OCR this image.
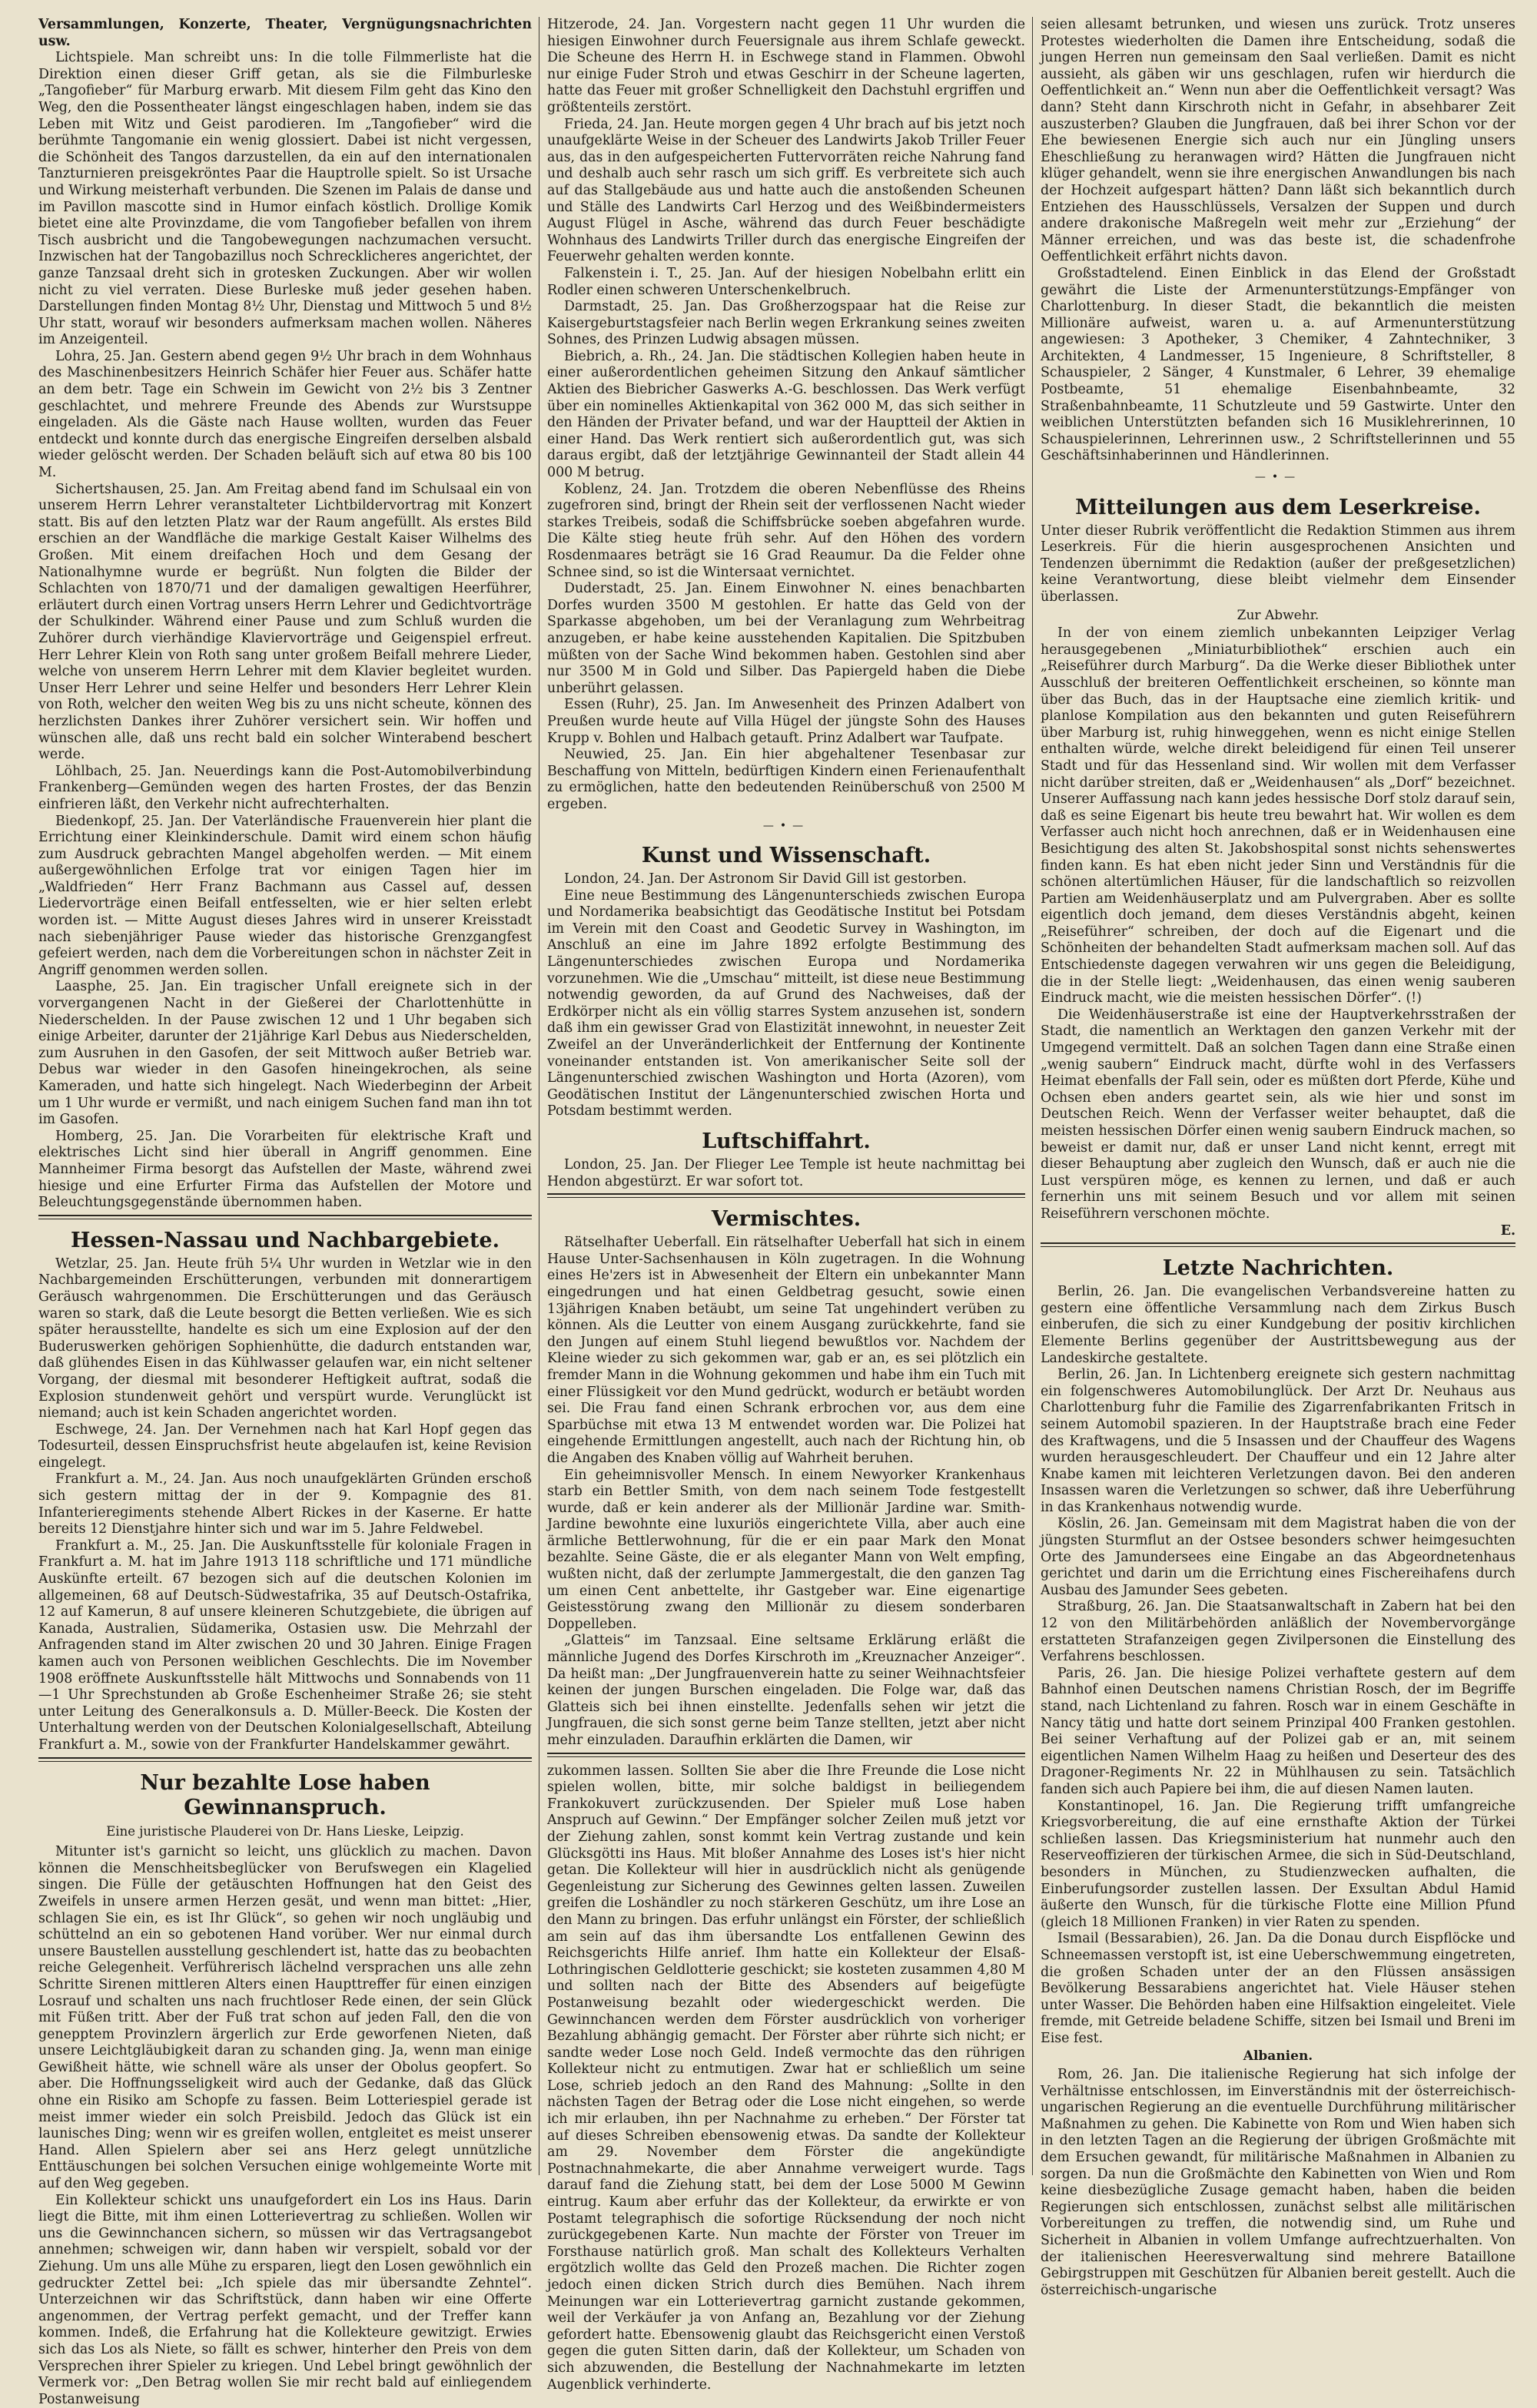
Versammlungen, Konzerte, Theater, Vergnügungsnachrichten usw.

Lichtspiele. Man schreibt uns: In die tolle Filmmerliste hat die Direktion einen dieser Griff getan, als sie die Filmburleske „Tangofieber“ für Marburg erwarb. Mit diesem Film geht das Kino den Weg, den die Possentheater längst eingeschlagen haben, indem sie das Leben mit Witz und Geist parodieren. Im „Tangofieber“ wird die berühmte Tangomanie ein wenig glossiert. Dabei ist nicht vergessen, die Schönheit des Tangos darzustellen, da ein auf den internationalen Tanzturnieren preisgekröntes Paar die Hauptrolle spielt. So ist Ursache und Wirkung meisterhaft verbunden. Die Szenen im Palais de danse und im Pavillon mascotte sind in Humor einfach köstlich. Drollige Komik bietet eine alte Provinzdame, die vom Tangofieber befallen von ihrem Tisch ausbricht und die Tangobewegungen nachzumachen versucht. Inzwischen hat der Tangobazillus noch Schrecklicheres angerichtet, der ganze Tanzsaal dreht sich in grotesken Zuckungen. Aber wir wollen nicht zu viel verraten. Diese Burleske muß jeder gesehen haben. Darstellungen finden Montag 8½ Uhr, Dienstag und Mittwoch 5 und 8½ Uhr statt, worauf wir besonders aufmerksam machen wollen. Näheres im Anzeigenteil.

Lohra, 25. Jan. Gestern abend gegen 9½ Uhr brach in dem Wohnhaus des Maschinenbesitzers Heinrich Schäfer hier Feuer aus. Schäfer hatte an dem betr. Tage ein Schwein im Gewicht von 2½ bis 3 Zentner geschlachtet, und mehrere Freunde des Abends zur Wurstsuppe eingeladen. Als die Gäste nach Hause wollten, wurden das Feuer entdeckt und konnte durch das energische Eingreifen derselben alsbald wieder gelöscht werden. Der Schaden beläuft sich auf etwa 80 bis 100 M.

Sichertshausen, 25. Jan. Am Freitag abend fand im Schulsaal ein von unserem Herrn Lehrer veranstalteter Lichtbildervortrag mit Konzert statt. Bis auf den letzten Platz war der Raum angefüllt. Als erstes Bild erschien an der Wandfläche die markige Gestalt Kaiser Wilhelms des Großen. Mit einem dreifachen Hoch und dem Gesang der Nationalhymne wurde er begrüßt. Nun folgten die Bilder der Schlachten von 1870/71 und der damaligen gewaltigen Heerführer, erläutert durch einen Vortrag unsers Herrn Lehrer und Gedichtvorträge der Schulkinder. Während einer Pause und zum Schluß wurden die Zuhörer durch vierhändige Klaviervorträge und Geigenspiel erfreut. Herr Lehrer Klein von Roth sang unter großem Beifall mehrere Lieder, welche von unserem Herrn Lehrer mit dem Klavier begleitet wurden. Unser Herr Lehrer und seine Helfer und besonders Herr Lehrer Klein von Roth, welcher den weiten Weg bis zu uns nicht scheute, können des herzlichsten Dankes ihrer Zuhörer versichert sein. Wir hoffen und wünschen alle, daß uns recht bald ein solcher Winterabend beschert werde.

Löhlbach, 25. Jan. Neuerdings kann die Post-Automobilverbindung Frankenberg—Gemünden wegen des harten Frostes, der das Benzin einfrieren läßt, den Verkehr nicht aufrechterhalten.

Biedenkopf, 25. Jan. Der Vaterländische Frauenverein hier plant die Errichtung einer Kleinkinderschule. Damit wird einem schon häufig zum Ausdruck gebrachten Mangel abgeholfen werden. — Mit einem außergewöhnlichen Erfolge trat vor einigen Tagen hier im „Waldfrieden“ Herr Franz Bachmann aus Cassel auf, dessen Liedervorträge einen Beifall entfesselten, wie er hier selten erlebt worden ist. — Mitte August dieses Jahres wird in unserer Kreisstadt nach siebenjähriger Pause wieder das historische Grenzgangfest gefeiert werden, nach dem die Vorbereitungen schon in nächster Zeit in Angriff genommen werden sollen.

Laasphe, 25. Jan. Ein tragischer Unfall ereignete sich in der vorvergangenen Nacht in der Gießerei der Charlottenhütte in Niederschelden. In der Pause zwischen 12 und 1 Uhr begaben sich einige Arbeiter, darunter der 21jährige Karl Debus aus Niederschelden, zum Ausruhen in den Gasofen, der seit Mittwoch außer Betrieb war. Debus war wieder in den Gasofen hineingekrochen, als seine Kameraden, und hatte sich hingelegt. Nach Wiederbeginn der Arbeit um 1 Uhr wurde er vermißt, und nach einigem Suchen fand man ihn tot im Gasofen.

Homberg, 25. Jan. Die Vorarbeiten für elektrische Kraft und elektrisches Licht sind hier überall in Angriff genommen. Eine Mannheimer Firma besorgt das Aufstellen der Maste, während zwei hiesige und eine Erfurter Firma das Aufstellen der Motore und Beleuchtungsgegenstände übernommen haben.

Hessen-Nassau und Nachbargebiete.

Wetzlar, 25. Jan. Heute früh 5¼ Uhr wurden in Wetzlar wie in den Nachbargemeinden Erschütterungen, verbunden mit donnerartigem Geräusch wahrgenommen. Die Erschütterungen und das Geräusch waren so stark, daß die Leute besorgt die Betten verließen. Wie es sich später herausstellte, handelte es sich um eine Explosion auf der den Buderuswerken gehörigen Sophienhütte, die dadurch entstanden war, daß glühendes Eisen in das Kühlwasser gelaufen war, ein nicht seltener Vorgang, der diesmal mit besonderer Heftigkeit auftrat, sodaß die Explosion stundenweit gehört und verspürt wurde. Verunglückt ist niemand; auch ist kein Schaden angerichtet worden.

Eschwege, 24. Jan. Der Vernehmen nach hat Karl Hopf gegen das Todesurteil, dessen Einspruchsfrist heute abgelaufen ist, keine Revision eingelegt.

Frankfurt a. M., 24. Jan. Aus noch unaufgeklärten Gründen erschoß sich gestern mittag der in der 9. Kompagnie des 81. Infanterieregiments stehende Albert Rickes in der Kaserne. Er hatte bereits 12 Dienstjahre hinter sich und war im 5. Jahre Feldwebel.

Frankfurt a. M., 25. Jan. Die Auskunftsstelle für koloniale Fragen in Frankfurt a. M. hat im Jahre 1913 118 schriftliche und 171 mündliche Auskünfte erteilt. 67 bezogen sich auf die deutschen Kolonien im allgemeinen, 68 auf Deutsch-Südwestafrika, 35 auf Deutsch-Ostafrika, 12 auf Kamerun, 8 auf unsere kleineren Schutzgebiete, die übrigen auf Kanada, Australien, Südamerika, Ostasien usw. Die Mehrzahl der Anfragenden stand im Alter zwischen 20 und 30 Jahren. Einige Fragen kamen auch von Personen weiblichen Geschlechts. Die im November 1908 eröffnete Auskunftsstelle hält Mittwochs und Sonnabends von 11—1 Uhr Sprechstunden ab Große Eschenheimer Straße 26; sie steht unter Leitung des Generalkonsuls a. D. Müller-Beeck. Die Kosten der Unterhaltung werden von der Deutschen Kolonialgesellschaft, Abteilung Frankfurt a. M., sowie von der Frankfurter Handelskammer gewährt.

Nur bezahlte Lose haben Gewinnanspruch.
Eine juristische Plauderei von Dr. Hans Lieske, Leipzig.

Mitunter ist's garnicht so leicht, uns glücklich zu machen. Davon können die Menschheitsbeglücker von Berufswegen ein Klagelied singen. Die Fülle der getäuschten Hoffnungen hat den Geist des Zweifels in unsere armen Herzen gesät, und wenn man bittet: „Hier, schlagen Sie ein, es ist Ihr Glück“, so gehen wir noch ungläubig und schüttelnd an ein so gebotenen Hand vorüber. Wer nur einmal durch unsere Baustellen ausstellung geschlendert ist, hatte das zu beobachten reiche Gelegenheit. Verführerisch lächelnd versprachen uns alle zehn Schritte Sirenen mittleren Alters einen Haupttreffer für einen einzigen Losrauf und schalten uns nach fruchtloser Rede einen, der sein Glück mit Füßen tritt. Aber der Fuß trat schon auf jeden Fall, den die von genepptem Provinzlern ärgerlich zur Erde geworfenen Nieten, daß unsere Leichtgläubigkeit daran zu schanden ging. Ja, wenn man einige Gewißheit hätte, wie schnell wäre als unser der Obolus geopfert. So aber. Die Hoffnungsseligkeit wird auch der Gedanke, daß das Glück ohne ein Risiko am Schopfe zu fassen. Beim Lotteriespiel gerade ist meist immer wieder ein solch Preisbild. Jedoch das Glück ist ein launisches Ding; wenn wir es greifen wollen, entgleitet es meist unserer Hand. Allen Spielern aber sei ans Herz gelegt unnützliche Enttäuschungen bei solchen Versuchen einige wohlgemeinte Worte mit auf den Weg gegeben.

Ein Kollekteur schickt uns unaufgefordert ein Los ins Haus. Darin liegt die Bitte, mit ihm einen Lotterievertrag zu schließen. Wollen wir uns die Gewinnchancen sichern, so müssen wir das Vertragsangebot annehmen; schweigen wir, dann haben wir verspielt, sobald vor der Ziehung. Um uns alle Mühe zu ersparen, liegt den Losen gewöhnlich ein gedruckter Zettel bei: „Ich spiele das mir übersandte Zehntel“. Unterzeichnen wir das Schriftstück, dann haben wir eine Offerte angenommen, der Vertrag perfekt gemacht, und der Treffer kann kommen. Indeß, die Erfahrung hat die Kollekteure gewitzigt. Erwies sich das Los als Niete, so fällt es schwer, hinterher den Preis von dem Versprechen ihrer Spieler zu kriegen. Und Lebel bringt gewöhnlich der Vermerk vor: „Den Betrag wollen Sie mir recht bald auf einliegendem Postanweisung

Hitzerode, 24. Jan. Vorgestern nacht gegen 11 Uhr wurden die hiesigen Einwohner durch Feuersignale aus ihrem Schlafe geweckt. Die Scheune des Herrn H. in Eschwege stand in Flammen. Obwohl nur einige Fuder Stroh und etwas Geschirr in der Scheune lagerten, hatte das Feuer mit großer Schnelligkeit den Dachstuhl ergriffen und größtenteils zerstört.

Frieda, 24. Jan. Heute morgen gegen 4 Uhr brach auf bis jetzt noch unaufgeklärte Weise in der Scheuer des Landwirts Jakob Triller Feuer aus, das in den aufgespeicherten Futtervorräten reiche Nahrung fand und deshalb auch sehr rasch um sich griff. Es verbreitete sich auch auf das Stallgebäude aus und hatte auch die anstoßenden Scheunen und Ställe des Landwirts Carl Herzog und des Weißbindermeisters August Flügel in Asche, während das durch Feuer beschädigte Wohnhaus des Landwirts Triller durch das energische Eingreifen der Feuerwehr gehalten werden konnte.

Falkenstein i. T., 25. Jan. Auf der hiesigen Nobelbahn erlitt ein Rodler einen schweren Unterschenkelbruch.

Darmstadt, 25. Jan. Das Großherzogspaar hat die Reise zur Kaisergeburtstagsfeier nach Berlin wegen Erkrankung seines zweiten Sohnes, des Prinzen Ludwig absagen müssen.

Biebrich, a. Rh., 24. Jan. Die städtischen Kollegien haben heute in einer außerordentlichen geheimen Sitzung den Ankauf sämtlicher Aktien des Biebricher Gaswerks A.-G. beschlossen. Das Werk verfügt über ein nominelles Aktienkapital von 362 000 M, das sich seither in den Händen der Privater befand, und war der Hauptteil der Aktien in einer Hand. Das Werk rentiert sich außerordentlich gut, was sich daraus ergibt, daß der letztjährige Gewinnanteil der Stadt allein 44 000 M betrug.

Koblenz, 24. Jan. Trotzdem die oberen Nebenflüsse des Rheins zugefroren sind, bringt der Rhein seit der verflossenen Nacht wieder starkes Treibeis, sodaß die Schiffsbrücke soeben abgefahren wurde. Die Kälte stieg heute früh sehr. Auf den Höhen des vordern Rosdenmaares beträgt sie 16 Grad Reaumur. Da die Felder ohne Schnee sind, so ist die Wintersaat vernichtet.

Duderstadt, 25. Jan. Einem Einwohner N. eines benachbarten Dorfes wurden 3500 M gestohlen. Er hatte das Geld von der Sparkasse abgehoben, um bei der Veranlagung zum Wehrbeitrag anzugeben, er habe keine ausstehenden Kapitalien. Die Spitzbuben müßten von der Sache Wind bekommen haben. Gestohlen sind aber nur 3500 M in Gold und Silber. Das Papiergeld haben die Diebe unberührt gelassen.

Essen (Ruhr), 25. Jan. Im Anwesenheit des Prinzen Adalbert von Preußen wurde heute auf Villa Hügel der jüngste Sohn des Hauses Krupp v. Bohlen und Halbach getauft. Prinz Adalbert war Taufpate.

Neuwied, 25. Jan. Ein hier abgehaltener Tesenbasar zur Beschaffung von Mitteln, bedürftigen Kindern einen Ferienaufenthalt zu ermöglichen, hatte den bedeutenden Reinüberschuß von 2500 M ergeben.

—•—
Kunst und Wissenschaft.

London, 24. Jan. Der Astronom Sir David Gill ist gestorben.

Eine neue Bestimmung des Längenunterschieds zwischen Europa und Nordamerika beabsichtigt das Geodätische Institut bei Potsdam im Verein mit den Coast and Geodetic Survey in Washington, im Anschluß an eine im Jahre 1892 erfolgte Bestimmung des Längenunterschiedes zwischen Europa und Nordamerika vorzunehmen. Wie die „Umschau“ mitteilt, ist diese neue Bestimmung notwendig geworden, da auf Grund des Nachweises, daß der Erdkörper nicht als ein völlig starres System anzusehen ist, sondern daß ihm ein gewisser Grad von Elastizität innewohnt, in neuester Zeit Zweifel an der Unveränderlichkeit der Entfernung der Kontinente voneinander entstanden ist. Von amerikanischer Seite soll der Längenunterschied zwischen Washington und Horta (Azoren), vom Geodätischen Institut der Längenunterschied zwischen Horta und Potsdam bestimmt werden.

Luftschiffahrt.

London, 25. Jan. Der Flieger Lee Temple ist heute nachmittag bei Hendon abgestürzt. Er war sofort tot.

Vermischtes.

Rätselhafter Ueberfall. Ein rätselhafter Ueberfall hat sich in einem Hause Unter-Sachsenhausen in Köln zugetragen. In die Wohnung eines He'zers ist in Abwesenheit der Eltern ein unbekannter Mann eingedrungen und hat einen Geldbetrag gesucht, sowie einen 13jährigen Knaben betäubt, um seine Tat ungehindert verüben zu können. Als die Leutter von einem Ausgang zurückkehrte, fand sie den Jungen auf einem Stuhl liegend bewußtlos vor. Nachdem der Kleine wieder zu sich gekommen war, gab er an, es sei plötzlich ein fremder Mann in die Wohnung gekommen und habe ihm ein Tuch mit einer Flüssigkeit vor den Mund gedrückt, wodurch er betäubt worden sei. Die Frau fand einen Schrank erbrochen vor, aus dem eine Sparbüchse mit etwa 13 M entwendet worden war. Die Polizei hat eingehende Ermittlungen angestellt, auch nach der Richtung hin, ob die Angaben des Knaben völlig auf Wahrheit beruhen.

Ein geheimnisvoller Mensch. In einem Newyorker Krankenhaus starb ein Bettler Smith, von dem nach seinem Tode festgestellt wurde, daß er kein anderer als der Millionär Jardine war. Smith-Jardine bewohnte eine luxuriös eingerichtete Villa, aber auch eine ärmliche Bettlerwohnung, für die er ein paar Mark den Monat bezahlte. Seine Gäste, die er als eleganter Mann von Welt empfing, wußten nicht, daß der zerlumpte Jammergestalt, die den ganzen Tag um einen Cent anbettelte, ihr Gastgeber war. Eine eigenartige Geistesstörung zwang den Millionär zu diesem sonderbaren Doppelleben.

„Glatteis“ im Tanzsaal. Eine seltsame Erklärung erläßt die männliche Jugend des Dorfes Kirschroth im „Kreuznacher Anzeiger“. Da heißt man: „Der Jungfrauenverein hatte zu seiner Weihnachtsfeier keinen der jungen Burschen eingeladen. Die Folge war, daß das Glatteis sich bei ihnen einstellte. Jedenfalls sehen wir jetzt die Jungfrauen, die sich sonst gerne beim Tanze stellten, jetzt aber nicht mehr einzuladen. Daraufhin erklärten die Damen, wir

zukommen lassen. Sollten Sie aber die Ihre Freunde die Lose nicht spielen wollen, bitte, mir solche baldigst in beiliegendem Frankokuvert zurückzusenden. Der Spieler muß Lose haben Anspruch auf Gewinn.“ Der Empfänger solcher Zeilen muß jetzt vor der Ziehung zahlen, sonst kommt kein Vertrag zustande und kein Glücksgötti ins Haus. Mit bloßer Annahme des Loses ist's hier nicht getan. Die Kollekteur will hier in ausdrücklich nicht als genügende Gegenleistung zur Sicherung des Gewinnes gelten lassen. Zuweilen greifen die Loshändler zu noch stärkeren Geschütz, um ihre Lose an den Mann zu bringen. Das erfuhr unlängst ein Förster, der schließlich am sein auf das ihm übersandte Los entfallenen Gewinn des Reichsgerichts Hilfe anrief. Ihm hatte ein Kollekteur der Elsaß-Lothringischen Geldlotterie geschickt; sie kosteten zusammen 4,80 M und sollten nach der Bitte des Absenders auf beigefügte Postanweisung bezahlt oder wiedergeschickt werden. Die Gewinnchancen werden dem Förster ausdrücklich von vorheriger Bezahlung abhängig gemacht. Der Förster aber rührte sich nicht; er sandte weder Lose noch Geld. Indeß vermochte das den rührigen Kollekteur nicht zu entmutigen. Zwar hat er schließlich um seine Lose, schrieb jedoch an den Rand des Mahnung: „Sollte in den nächsten Tagen der Betrag oder die Lose nicht eingehen, so werde ich mir erlauben, ihn per Nachnahme zu erheben.“ Der Förster tat auf dieses Schreiben ebensowenig etwas. Da sandte der Kollekteur am 29. November dem Förster die angekündigte Postnachnahmekarte, die aber Annahme verweigert wurde. Tags darauf fand die Ziehung statt, bei dem der Lose 5000 M Gewinn eintrug. Kaum aber erfuhr das der Kollekteur, da erwirkte er von Postamt telegraphisch die sofortige Rücksendung der noch nicht zurückgegebenen Karte. Nun machte der Förster von Treuer im Forsthause natürlich groß. Man schalt des Kollekteurs Verhalten ergötzlich wollte das Geld den Prozeß machen. Die Richter zogen jedoch einen dicken Strich durch dies Bemühen. Nach ihrem Meinungen war ein Lotterievertrag garnicht zustande gekommen, weil der Verkäufer ja von Anfang an, Bezahlung vor der Ziehung gefordert hatte. Ebensowenig glaubt das Reichsgericht einen Verstoß gegen die guten Sitten darin, daß der Kollekteur, um Schaden von sich abzuwenden, die Bestellung der Nachnahmekarte im letzten Augenblick verhinderte.

seien allesamt betrunken, und wiesen uns zurück. Trotz unseres Protestes wiederholten die Damen ihre Entscheidung, sodaß die jungen Herren nun gemeinsam den Saal verließen. Damit es nicht aussieht, als gäben wir uns geschlagen, rufen wir hierdurch die Oeffentlichkeit an.“ Wenn nun aber die Oeffentlichkeit versagt? Was dann? Steht dann Kirschroth nicht in Gefahr, in absehbarer Zeit auszusterben? Glauben die Jungfrauen, daß bei ihrer Schon vor der Ehe bewiesenen Energie sich auch nur ein Jüngling unsers Eheschließung zu heranwagen wird? Hätten die Jungfrauen nicht klüger gehandelt, wenn sie ihre energischen Anwandlungen bis nach der Hochzeit aufgespart hätten? Dann läßt sich bekanntlich durch Entziehen des Hausschlüssels, Versalzen der Suppen und durch andere drakonische Maßregeln weit mehr zur „Erziehung“ der Männer erreichen, und was das beste ist, die schadenfrohe Oeffentlichkeit erfährt nichts davon.

Großstadtelend. Einen Einblick in das Elend der Großstadt gewährt die Liste der Armenunterstützungs-Empfänger von Charlottenburg. In dieser Stadt, die bekanntlich die meisten Millionäre aufweist, waren u. a. auf Armenunterstützung angewiesen: 3 Apotheker, 3 Chemiker, 4 Zahntechniker, 3 Architekten, 4 Landmesser, 15 Ingenieure, 8 Schriftsteller, 8 Schauspieler, 2 Sänger, 4 Kunstmaler, 6 Lehrer, 39 ehemalige Postbeamte, 51 ehemalige Eisenbahnbeamte, 32 Straßenbahnbeamte, 11 Schutzleute und 59 Gastwirte. Unter den weiblichen Unterstützten befanden sich 16 Musiklehrerinnen, 10 Schauspielerinnen, Lehrerinnen usw., 2 Schriftstellerinnen und 55 Geschäftsinhaberinnen und Händlerinnen.

—•—
Mitteilungen aus dem Leserkreise.

Unter dieser Rubrik veröffentlicht die Redaktion Stimmen aus ihrem Leserkreis. Für die hierin ausgesprochenen Ansichten und Tendenzen übernimmt die Redaktion (außer der preßgesetzlichen) keine Verantwortung, diese bleibt vielmehr dem Einsender überlassen.

Zur Abwehr.

In der von einem ziemlich unbekannten Leipziger Verlag herausgegebenen „Miniaturbibliothek“ erschien auch ein „Reiseführer durch Marburg“. Da die Werke dieser Bibliothek unter Ausschluß der breiteren Oeffentlichkeit erscheinen, so könnte man über das Buch, das in der Hauptsache eine ziemlich kritik- und planlose Kompilation aus den bekannten und guten Reiseführern über Marburg ist, ruhig hinweggehen, wenn es nicht einige Stellen enthalten würde, welche direkt beleidigend für einen Teil unserer Stadt und für das Hessenland sind. Wir wollen mit dem Verfasser nicht darüber streiten, daß er „Weidenhausen“ als „Dorf“ bezeichnet. Unserer Auffassung nach kann jedes hessische Dorf stolz darauf sein, daß es seine Eigenart bis heute treu bewahrt hat. Wir wollen es dem Verfasser auch nicht hoch anrechnen, daß er in Weidenhausen eine Besichtigung des alten St. Jakobshospital sonst nichts sehenswertes finden kann. Es hat eben nicht jeder Sinn und Verständnis für die schönen altertümlichen Häuser, für die landschaftlich so reizvollen Partien am Weidenhäuserplatz und am Pulvergraben. Aber es sollte eigentlich doch jemand, dem dieses Verständnis abgeht, keinen „Reiseführer“ schreiben, der doch auf die Eigenart und die Schönheiten der behandelten Stadt aufmerksam machen soll. Auf das Entschiedenste dagegen verwahren wir uns gegen die Beleidigung, die in der Stelle liegt: „Weidenhausen, das einen wenig sauberen Eindruck macht, wie die meisten hessischen Dörfer“. (!)

Die Weidenhäuserstraße ist eine der Hauptverkehrsstraßen der Stadt, die namentlich an Werktagen den ganzen Verkehr mit der Umgegend vermittelt. Daß an solchen Tagen dann eine Straße einen „wenig saubern“ Eindruck macht, dürfte wohl in des Verfassers Heimat ebenfalls der Fall sein, oder es müßten dort Pferde, Kühe und Ochsen eben anders geartet sein, als wie hier und sonst im Deutschen Reich. Wenn der Verfasser weiter behauptet, daß die meisten hessischen Dörfer einen wenig saubern Eindruck machen, so beweist er damit nur, daß er unser Land nicht kennt, erregt mit dieser Behauptung aber zugleich den Wunsch, daß er auch nie die Lust verspüren möge, es kennen zu lernen, und daß er auch fernerhin uns mit seinem Besuch und vor allem mit seinen Reiseführern verschonen möchte.

E.
Letzte Nachrichten.

Berlin, 26. Jan. Die evangelischen Verbandsvereine hatten zu gestern eine öffentliche Versammlung nach dem Zirkus Busch einberufen, die sich zu einer Kundgebung der positiv kirchlichen Elemente Berlins gegenüber der Austrittsbewegung aus der Landeskirche gestaltete.

Berlin, 26. Jan. In Lichtenberg ereignete sich gestern nachmittag ein folgenschweres Automobilunglück. Der Arzt Dr. Neuhaus aus Charlottenburg fuhr die Familie des Zigarrenfabrikanten Fritsch in seinem Automobil spazieren. In der Hauptstraße brach eine Feder des Kraftwagens, und die 5 Insassen und der Chauffeur des Wagens wurden herausgeschleudert. Der Chauffeur und ein 12 Jahre alter Knabe kamen mit leichteren Verletzungen davon. Bei den anderen Insassen waren die Verletzungen so schwer, daß ihre Ueberführung in das Krankenhaus notwendig wurde.

Köslin, 26. Jan. Gemeinsam mit dem Magistrat haben die von der jüngsten Sturmflut an der Ostsee besonders schwer heimgesuchten Orte des Jamundersees eine Eingabe an das Abgeordnetenhaus gerichtet und darin um die Errichtung eines Fischereihafens durch Ausbau des Jamunder Sees gebeten.

Straßburg, 26. Jan. Die Staatsanwaltschaft in Zabern hat bei den 12 von den Militärbehörden anläßlich der Novembervorgänge erstatteten Strafanzeigen gegen Zivilpersonen die Einstellung des Verfahrens beschlossen.

Paris, 26. Jan. Die hiesige Polizei verhaftete gestern auf dem Bahnhof einen Deutschen namens Christian Rosch, der im Begriffe stand, nach Lichtenland zu fahren. Rosch war in einem Geschäfte in Nancy tätig und hatte dort seinem Prinzipal 400 Franken gestohlen. Bei seiner Verhaftung auf der Polizei gab er an, mit seinem eigentlichen Namen Wilhelm Haag zu heißen und Deserteur des des Dragoner-Regiments Nr. 22 in Mühlhausen zu sein. Tatsächlich fanden sich auch Papiere bei ihm, die auf diesen Namen lauten.

Konstantinopel, 16. Jan. Die Regierung trifft umfangreiche Kriegsvorbereitung, die auf eine ernsthafte Aktion der Türkei schließen lassen. Das Kriegsministerium hat nunmehr auch den Reserveoffizieren der türkischen Armee, die sich in Süd-Deutschland, besonders in München, zu Studienzwecken aufhalten, die Einberufungsorder zustellen lassen. Der Exsultan Abdul Hamid äußerte den Wunsch, für die türkische Flotte eine Million Pfund (gleich 18 Millionen Franken) in vier Raten zu spenden.

Ismail (Bessarabien), 26. Jan. Da die Donau durch Eispflöcke und Schneemassen verstopft ist, ist eine Ueberschwemmung eingetreten, die großen Schaden unter der an den Flüssen ansässigen Bevölkerung Bessarabiens angerichtet hat. Viele Häuser stehen unter Wasser. Die Behörden haben eine Hilfsaktion eingeleitet. Viele fremde, mit Getreide beladene Schiffe, sitzen bei Ismail und Breni im Eise fest.

Albanien.

Rom, 26. Jan. Die italienische Regierung hat sich infolge der Verhältnisse entschlossen, im Einverständnis mit der österreichisch-ungarischen Regierung an die eventuelle Durchführung militärischer Maßnahmen zu gehen. Die Kabinette von Rom und Wien haben sich in den letzten Tagen an die Regierung der übrigen Großmächte mit dem Ersuchen gewandt, für militärische Maßnahmen in Albanien zu sorgen. Da nun die Großmächte den Kabinetten von Wien und Rom keine diesbezügliche Zusage gemacht haben, haben die beiden Regierungen sich entschlossen, zunächst selbst alle militärischen Vorbereitungen zu treffen, die notwendig sind, um Ruhe und Sicherheit in Albanien in vollem Umfange aufrechtzuerhalten. Von der italienischen Heeresverwaltung sind mehrere Bataillone Gebirgstruppen mit Geschützen für Albanien bereit gestellt. Auch die österreichisch-ungarische
